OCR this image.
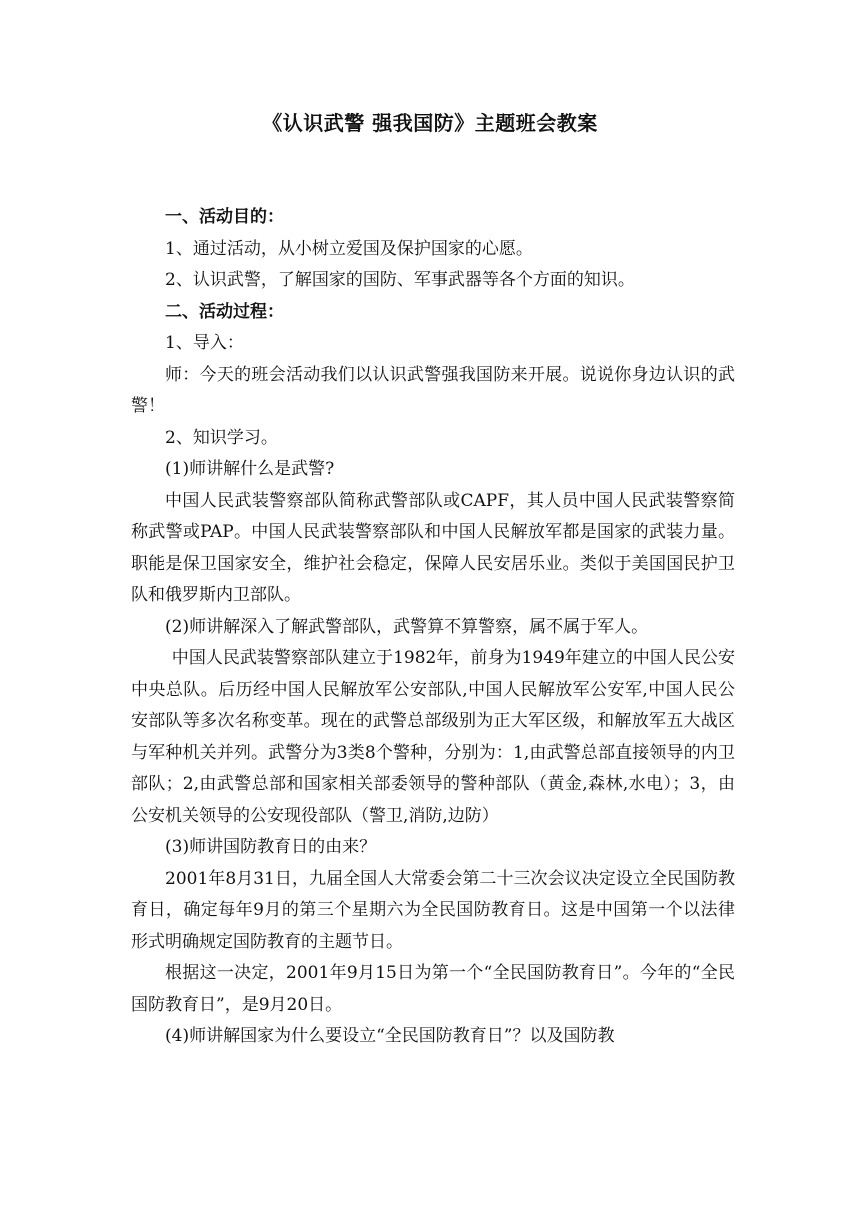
《认识武警 强我国防》主题班会教案

一、活动目的：

1、通过活动，从小树立爱国及保护国家的心愿。

2、认识武警，了解国家的国防、军事武器等各个方面的知识。

二、活动过程：

1、导入：

师：今天的班会活动我们以认识武警强我国防来开展。说说你身边认识的武警！

2、知识学习。

(1)师讲解什么是武警?

中国人民武装警察部队简称武警部队或CAPF，其人员中国人民武装警察简称武警或PAP。中国人民武装警察部队和中国人民解放军都是国家的武装力量。职能是保卫国家安全，维护社会稳定，保障人民安居乐业。类似于美国国民护卫队和俄罗斯内卫部队。

(2)师讲解深入了解武警部队，武警算不算警察，属不属于军人。

中国人民武装警察部队建立于1982年，前身为1949年建立的中国人民公安中央总队。后历经中国人民解放军公安部队,中国人民解放军公安军,中国人民公安部队等多次名称变革。现在的武警总部级别为正大军区级，和解放军五大战区与军种机关并列。武警分为3类8个警种，分别为：1,由武警总部直接领导的内卫部队；2,由武警总部和国家相关部委领导的警种部队（黄金,森林,水电）；3，由公安机关领导的公安现役部队（警卫,消防,边防）

(3)师讲国防教育日的由来？

2001年8月31日，九届全国人大常委会第二十三次会议决定设立全民国防教育日，确定每年9月的第三个星期六为全民国防教育日。这是中国第一个以法律形式明确规定国防教育的主题节日。

根据这一决定，2001年9月15日为第一个“全民国防教育日”。今年的“全民国防教育日”，是9月20日。

(4)师讲解国家为什么要设立“全民国防教育日”？以及国防教
